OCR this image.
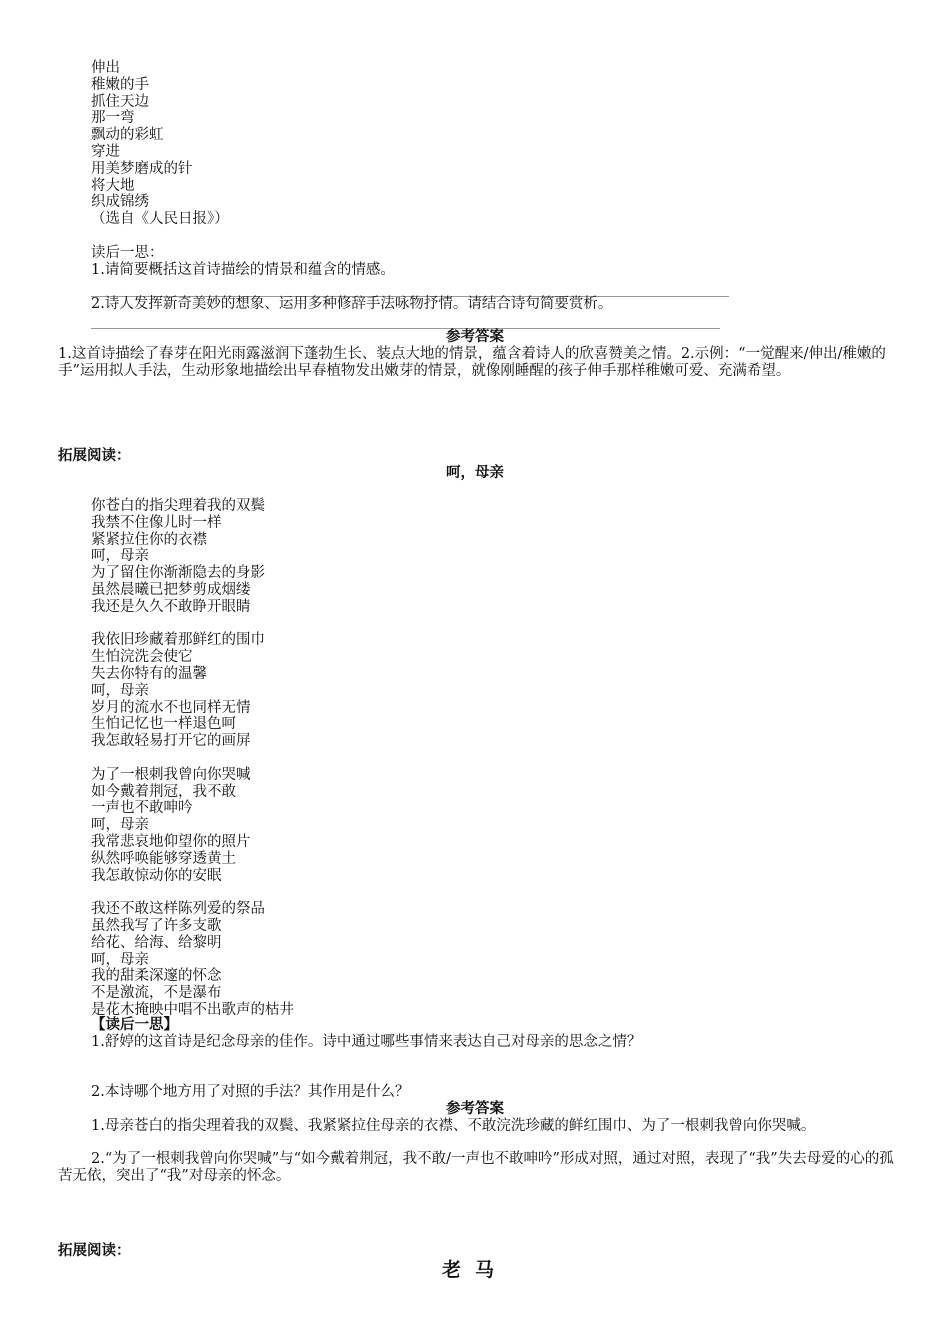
伸出
稚嫩的手
抓住天边
那一弯
飘动的彩虹
穿进
用美梦磨成的针
将大地
织成锦绣
（选自《人民日报》）
读后一思：
1.请简要概括这首诗描绘的情景和蕴含的情感。
2.诗人发挥新奇美妙的想象、运用多种修辞手法咏物抒情。请结合诗句简要赏析。
参考答案
1.这首诗描绘了春芽在阳光雨露滋润下蓬勃生长、装点大地的情景，蕴含着诗人的欣喜赞美之情。2.示例：“一觉醒来/伸出/稚嫩的手”运用拟人手法，生动形象地描绘出早春植物发出嫩芽的情景，就像刚睡醒的孩子伸手那样稚嫩可爱、充满希望。
拓展阅读：
呵，母亲
你苍白的指尖理着我的双鬓
我禁不住像儿时一样
紧紧拉住你的衣襟
呵，母亲
为了留住你渐渐隐去的身影
虽然晨曦已把梦剪成烟缕
我还是久久不敢睁开眼睛
我依旧珍藏着那鲜红的围巾
生怕浣洗会使它
失去你特有的温馨
呵，母亲
岁月的流水不也同样无情
生怕记忆也一样退色呵
我怎敢轻易打开它的画屏
为了一根刺我曾向你哭喊
如今戴着荆冠，我不敢
一声也不敢呻吟
呵，母亲
我常悲哀地仰望你的照片
纵然呼唤能够穿透黄土
我怎敢惊动你的安眠
我还不敢这样陈列爱的祭品
虽然我写了许多支歌
给花、给海、给黎明
呵，母亲
我的甜柔深邃的怀念
不是激流，不是瀑布
是花木掩映中唱不出歌声的枯井
【读后一思】
1.舒婷的这首诗是纪念母亲的佳作。诗中通过哪些事情来表达自己对母亲的思念之情？
2.本诗哪个地方用了对照的手法？其作用是什么？
参考答案
1.母亲苍白的指尖理着我的双鬓、我紧紧拉住母亲的衣襟、不敢浣洗珍藏的鲜红围巾、为了一根刺我曾向你哭喊。
2.“为了一根刺我曾向你哭喊”与“如今戴着荆冠，我不敢/一声也不敢呻吟”形成对照，通过对照，表现了“我”失去母爱的心的孤苦无依，突出了“我”对母亲的怀念。
拓展阅读：
老马
